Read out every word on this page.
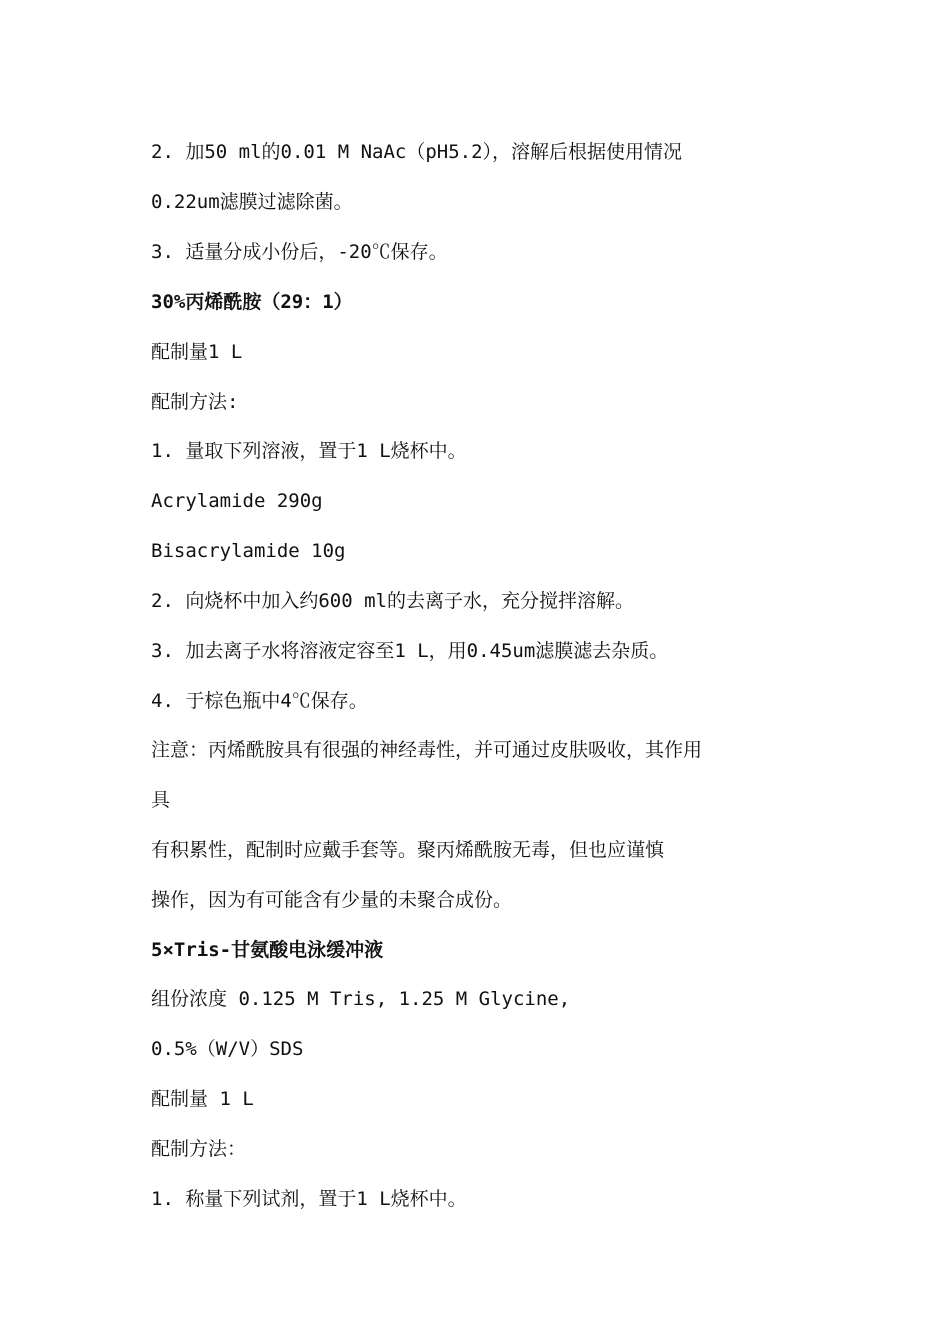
2. 加50 ml的0.01 M NaAc（pH5.2），溶解后根据使用情况
0.22um滤膜过滤除菌。
3. 适量分成小份后，-20℃保存。
30%丙烯酰胺（29：1）
配制量1 L
配制方法:
1. 量取下列溶液，置于1 L烧杯中。
Acrylamide 290g
Bisacrylamide 10g
2. 向烧杯中加入约600 ml的去离子水，充分搅拌溶解。
3. 加去离子水将溶液定容至1 L，用0.45um滤膜滤去杂质。
4. 于棕色瓶中4℃保存。
注意：丙烯酰胺具有很强的神经毒性，并可通过皮肤吸收，其作用
具
有积累性，配制时应戴手套等。聚丙烯酰胺无毒，但也应谨慎
操作，因为有可能含有少量的未聚合成份。
5×Tris-甘氨酸电泳缓冲液
组份浓度 0.125 M Tris, 1.25 M Glycine,
0.5%（W/V）SDS
配制量 1 L
配制方法：
1. 称量下列试剂，置于1 L烧杯中。
